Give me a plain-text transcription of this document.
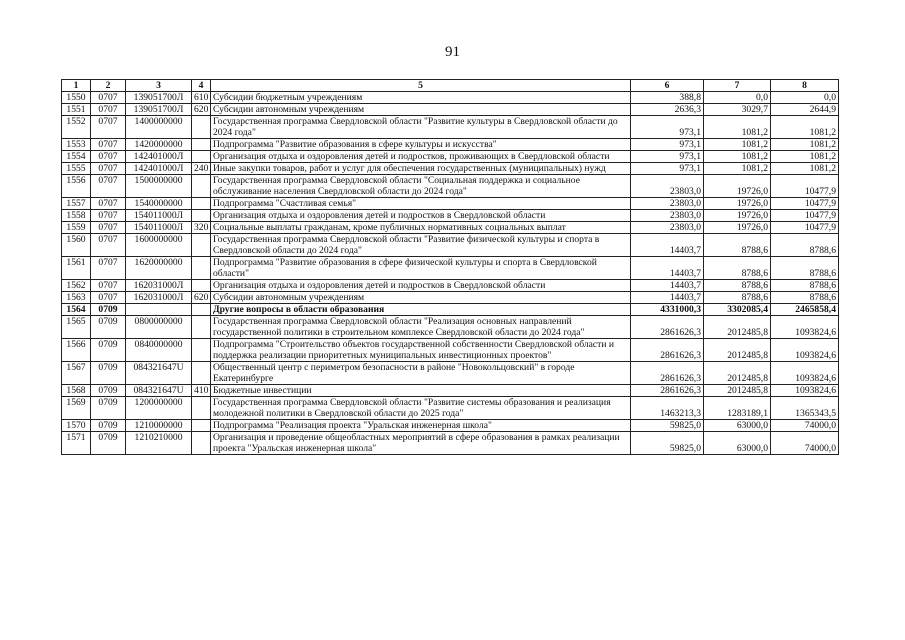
91
1	2	3	4	5	6	7	8
1550	0707	139051700Л	610	Субсидии бюджетным учреждениям	388,8	0,0	0,0
1551	0707	139051700Л	620	Субсидии автономным учреждениям	2636,3	3029,7	2644,9
1552	0707	1400000000		Государственная программа Свердловской области "Развитие культуры в Свердловской области до 2024 года"	973,1	1081,2	1081,2
1553	0707	1420000000		Подпрограмма "Развитие образования в сфере культуры и искусства"	973,1	1081,2	1081,2
1554	0707	142401000Л		Организация отдыха и оздоровления детей и подростков, проживающих в Свердловской области	973,1	1081,2	1081,2
1555	0707	142401000Л	240	Иные закупки товаров, работ и услуг для обеспечения государственных (муниципальных) нужд	973,1	1081,2	1081,2
1556	0707	1500000000		Государственная программа Свердловской области "Социальная поддержка и социальное обслуживание населения Свердловской области до 2024 года"	23803,0	19726,0	10477,9
1557	0707	1540000000		Подпрограмма "Счастливая семья"	23803,0	19726,0	10477,9
1558	0707	154011000Л		Организация отдыха и оздоровления детей и подростков в Свердловской области	23803,0	19726,0	10477,9
1559	0707	154011000Л	320	Социальные выплаты гражданам, кроме публичных нормативных социальных выплат	23803,0	19726,0	10477,9
1560	0707	1600000000		Государственная программа Свердловской области "Развитие физической культуры и спорта в Свердловской области до 2024 года"	14403,7	8788,6	8788,6
1561	0707	1620000000		Подпрограмма "Развитие образования в сфере физической культуры и спорта в Свердловской области"	14403,7	8788,6	8788,6
1562	0707	162031000Л		Организация отдыха и оздоровления детей и подростков в Свердловской области	14403,7	8788,6	8788,6
1563	0707	162031000Л	620	Субсидии автономным учреждениям	14403,7	8788,6	8788,6
1564	0709			Другие вопросы в области образования	4331000,3	3302085,4	2465858,4
1565	0709	0800000000		Государственная программа Свердловской области "Реализация основных направлений государственной политики в строительном комплексе Свердловской области до 2024 года"	2861626,3	2012485,8	1093824,6
1566	0709	0840000000		Подпрограмма "Строительство объектов государственной собственности Свердловской области и поддержка реализации приоритетных муниципальных инвестиционных проектов"	2861626,3	2012485,8	1093824,6
1567	0709	084321647U		Общественный центр с периметром безопасности в районе "Новокольцовский" в городе Екатеринбурге	2861626,3	2012485,8	1093824,6
1568	0709	084321647U	410	Бюджетные инвестиции	2861626,3	2012485,8	1093824,6
1569	0709	1200000000		Государственная программа Свердловской области "Развитие системы образования и реализация молодежной политики в Свердловской области до 2025 года"	1463213,3	1283189,1	1365343,5
1570	0709	1210000000		Подпрограмма "Реализация проекта "Уральская инженерная школа"	59825,0	63000,0	74000,0
1571	0709	1210210000		Организация и проведение общеобластных мероприятий в сфере образования в рамках реализации проекта "Уральская инженерная школа"	59825,0	63000,0	74000,0
